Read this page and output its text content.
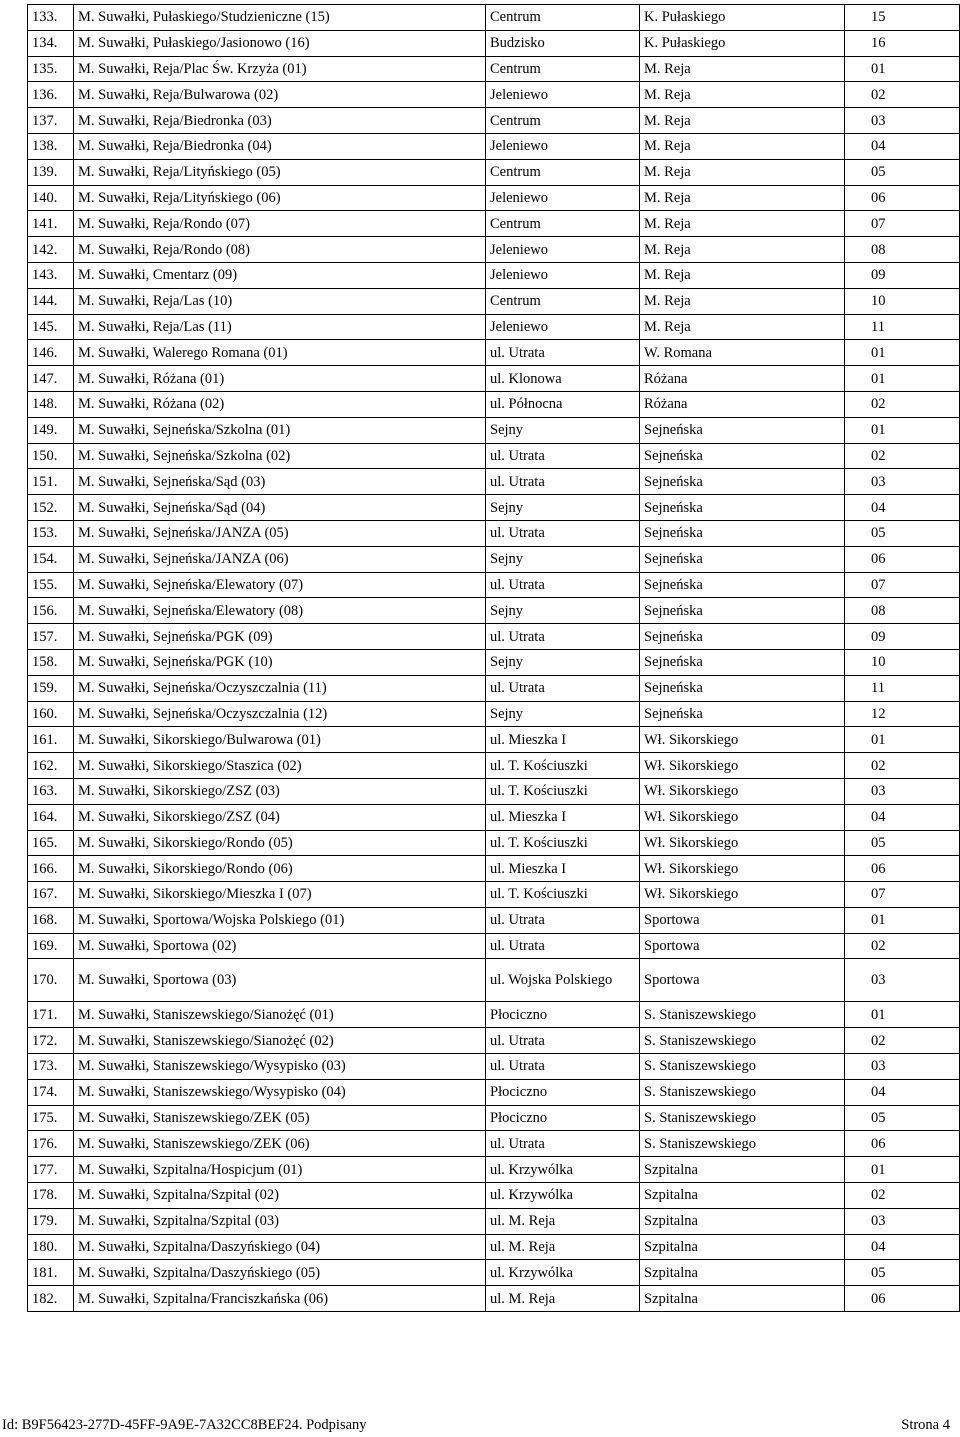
133.	M. Suwałki, Pułaskiego/Studzieniczne (15)	Centrum	K. Pułaskiego	15
134.	M. Suwałki, Pułaskiego/Jasionowo (16)	Budzisko	K. Pułaskiego	16
135.	M. Suwałki, Reja/Plac Św. Krzyża (01)	Centrum	M. Reja	01
136.	M. Suwałki, Reja/Bulwarowa (02)	Jeleniewo	M. Reja	02
137.	M. Suwałki, Reja/Biedronka (03)	Centrum	M. Reja	03
138.	M. Suwałki, Reja/Biedronka (04)	Jeleniewo	M. Reja	04
139.	M. Suwałki, Reja/Lityńskiego (05)	Centrum	M. Reja	05
140.	M. Suwałki, Reja/Lityńskiego (06)	Jeleniewo	M. Reja	06
141.	M. Suwałki, Reja/Rondo (07)	Centrum	M. Reja	07
142.	M. Suwałki, Reja/Rondo (08)	Jeleniewo	M. Reja	08
143.	M. Suwałki, Cmentarz (09)	Jeleniewo	M. Reja	09
144.	M. Suwałki, Reja/Las (10)	Centrum	M. Reja	10
145.	M. Suwałki, Reja/Las (11)	Jeleniewo	M. Reja	11
146.	M. Suwałki, Walerego Romana (01)	ul. Utrata	W. Romana	01
147.	M. Suwałki, Różana (01)	ul. Klonowa	Różana	01
148.	M. Suwałki, Różana (02)	ul. Północna	Różana	02
149.	M. Suwałki, Sejneńska/Szkolna (01)	Sejny	Sejneńska	01
150.	M. Suwałki, Sejneńska/Szkolna (02)	ul. Utrata	Sejneńska	02
151.	M. Suwałki, Sejneńska/Sąd (03)	ul. Utrata	Sejneńska	03
152.	M. Suwałki, Sejneńska/Sąd (04)	Sejny	Sejneńska	04
153.	M. Suwałki, Sejneńska/JANZA (05)	ul. Utrata	Sejneńska	05
154.	M. Suwałki, Sejneńska/JANZA (06)	Sejny	Sejneńska	06
155.	M. Suwałki, Sejneńska/Elewatory (07)	ul. Utrata	Sejneńska	07
156.	M. Suwałki, Sejneńska/Elewatory (08)	Sejny	Sejneńska	08
157.	M. Suwałki, Sejneńska/PGK (09)	ul. Utrata	Sejneńska	09
158.	M. Suwałki, Sejneńska/PGK (10)	Sejny	Sejneńska	10
159.	M. Suwałki, Sejneńska/Oczyszczalnia (11)	ul. Utrata	Sejneńska	11
160.	M. Suwałki, Sejneńska/Oczyszczalnia (12)	Sejny	Sejneńska	12
161.	M. Suwałki, Sikorskiego/Bulwarowa (01)	ul. Mieszka I	Wł. Sikorskiego	01
162.	M. Suwałki, Sikorskiego/Staszica (02)	ul. T. Kościuszki	Wł. Sikorskiego	02
163.	M. Suwałki, Sikorskiego/ZSZ (03)	ul. T. Kościuszki	Wł. Sikorskiego	03
164.	M. Suwałki, Sikorskiego/ZSZ (04)	ul. Mieszka I	Wł. Sikorskiego	04
165.	M. Suwałki, Sikorskiego/Rondo (05)	ul. T. Kościuszki	Wł. Sikorskiego	05
166.	M. Suwałki, Sikorskiego/Rondo (06)	ul. Mieszka I	Wł. Sikorskiego	06
167.	M. Suwałki, Sikorskiego/Mieszka I (07)	ul. T. Kościuszki	Wł. Sikorskiego	07
168.	M. Suwałki, Sportowa/Wojska Polskiego (01)	ul. Utrata	Sportowa	01
169.	M. Suwałki, Sportowa (02)	ul. Utrata	Sportowa	02
170.	M. Suwałki, Sportowa (03)	ul. Wojska Polskiego	Sportowa	03
171.	M. Suwałki, Staniszewskiego/Sianożęć (01)	Płociczno	S. Staniszewskiego	01
172.	M. Suwałki, Staniszewskiego/Sianożęć (02)	ul. Utrata	S. Staniszewskiego	02
173.	M. Suwałki, Staniszewskiego/Wysypisko (03)	ul. Utrata	S. Staniszewskiego	03
174.	M. Suwałki, Staniszewskiego/Wysypisko (04)	Płociczno	S. Staniszewskiego	04
175.	M. Suwałki, Staniszewskiego/ZEK (05)	Płociczno	S. Staniszewskiego	05
176.	M. Suwałki, Staniszewskiego/ZEK (06)	ul. Utrata	S. Staniszewskiego	06
177.	M. Suwałki, Szpitalna/Hospicjum (01)	ul. Krzywólka	Szpitalna	01
178.	M. Suwałki, Szpitalna/Szpital (02)	ul. Krzywólka	Szpitalna	02
179.	M. Suwałki, Szpitalna/Szpital (03)	ul. M. Reja	Szpitalna	03
180.	M. Suwałki, Szpitalna/Daszyńskiego (04)	ul. M. Reja	Szpitalna	04
181.	M. Suwałki, Szpitalna/Daszyńskiego (05)	ul. Krzywólka	Szpitalna	05
182.	M. Suwałki, Szpitalna/Franciszkańska (06)	ul. M. Reja	Szpitalna	06
Id: B9F56423-277D-45FF-9A9E-7A32CC8BEF24. Podpisany	Strona 4
